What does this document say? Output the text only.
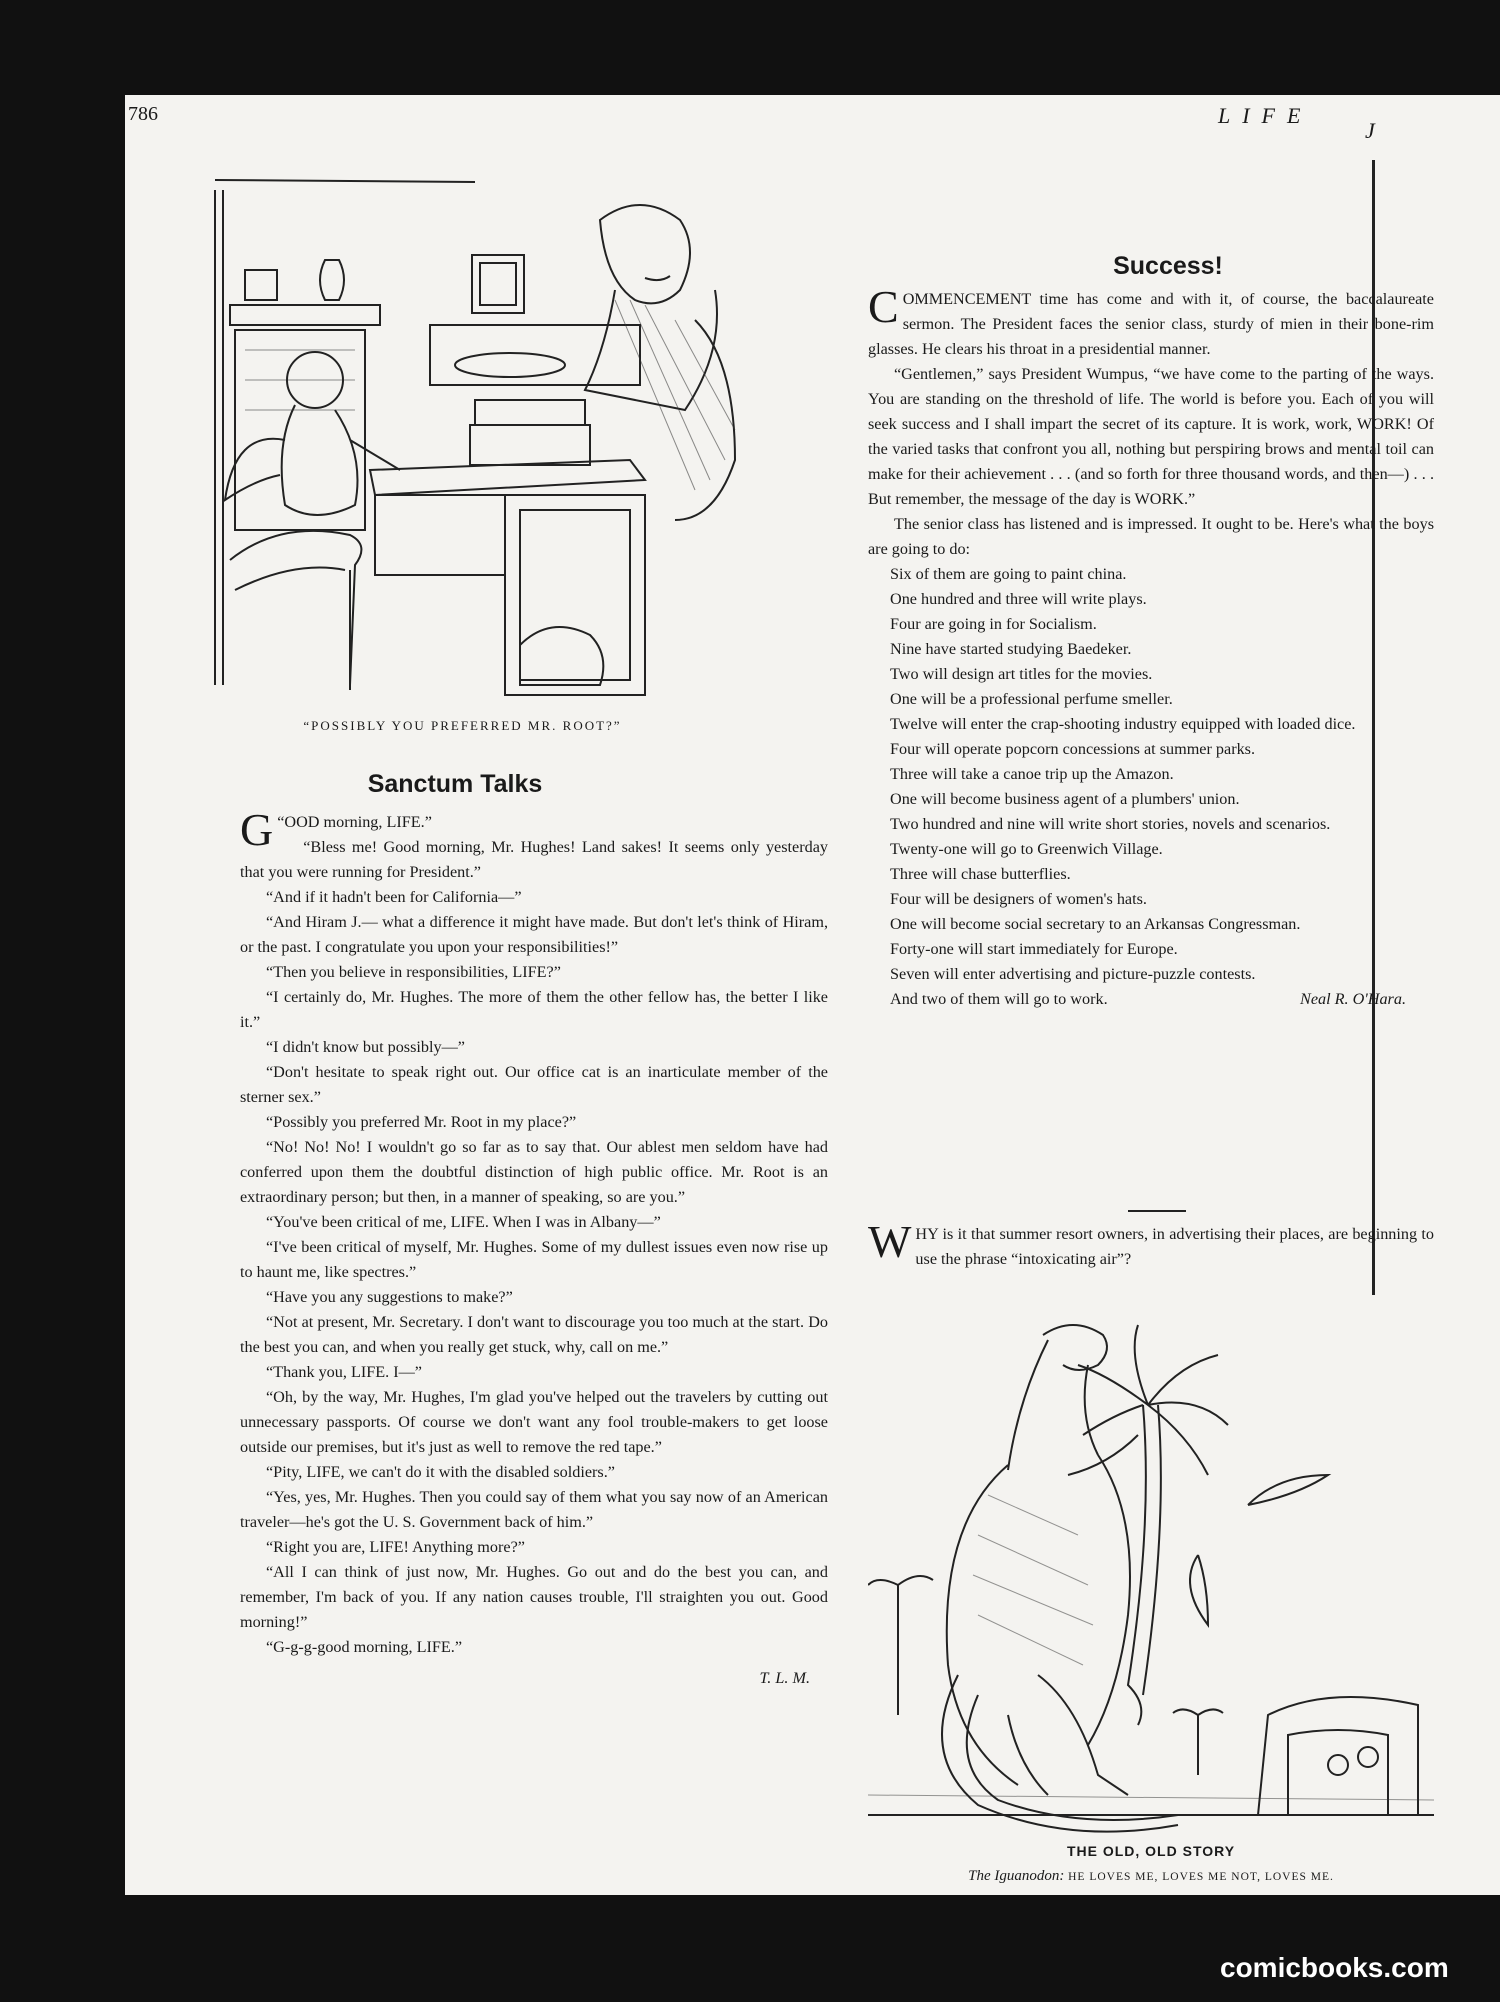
786	LIFE
J
“POSSIBLY YOU PREFERRED MR. ROOT?”
Sanctum Talks

“
G OOD morning, LIFE.”

“Bless me! Good morning, Mr. Hughes! Land sakes! It seems only yesterday that you were running for President.”

“And if it hadn't been for California—”

“And Hiram J.— what a difference it might have made. But don't let's think of Hiram, or the past. I congratulate you upon your responsibilities!”

“Then you believe in responsibilities, LIFE?”

“I certainly do, Mr. Hughes. The more of them the other fellow has, the better I like it.”

“I didn't know but possibly—”

“Don't hesitate to speak right out. Our office cat is an inarticulate member of the sterner sex.”

“Possibly you preferred Mr. Root in my place?”

“No! No! No! I wouldn't go so far as to say that. Our ablest men seldom have had conferred upon them the doubtful distinction of high public office. Mr. Root is an extraordinary person; but then, in a manner of speaking, so are you.”

“You've been critical of me, LIFE. When I was in Albany—”

“I've been critical of myself, Mr. Hughes. Some of my dullest issues even now rise up to haunt me, like spectres.”

“Have you any suggestions to make?”

“Not at present, Mr. Secretary. I don't want to discourage you too much at the start. Do the best you can, and when you really get stuck, why, call on me.”

“Thank you, LIFE. I—”

“Oh, by the way, Mr. Hughes, I'm glad you've helped out the travelers by cutting out unnecessary passports. Of course we don't want any fool trouble-makers to get loose outside our premises, but it's just as well to remove the red tape.”

“Pity, LIFE, we can't do it with the disabled soldiers.”

“Yes, yes, Mr. Hughes. Then you could say of them what you say now of an American traveler—he's got the U. S. Government back of him.”

“Right you are, LIFE! Anything more?”

“All I can think of just now, Mr. Hughes. Go out and do the best you can, and remember, I'm back of you. If any nation causes trouble, I'll straighten you out. Good morning!”

“G-g-g-good morning, LIFE.”

T. L. M.
Success!

COMMENCEMENT time has come and with it, of course, the baccalaureate sermon. The President faces the senior class, sturdy of mien in their bone-rim glasses. He clears his throat in a presidential manner.

“Gentlemen,” says President Wumpus, “we have come to the parting of the ways. You are standing on the threshold of life. The world is before you. Each of you will seek success and I shall impart the secret of its capture. It is work, work, WORK! Of the varied tasks that confront you all, nothing but perspiring brows and mental toil can make for their achievement . . . (and so forth for three thousand words, and then—) . . . But remember, the message of the day is WORK.”

The senior class has listened and is impressed. It ought to be. Here's what the boys are going to do:

Six of them are going to paint china.

One hundred and three will write plays.

Four are going in for Socialism.

Nine have started studying Baedeker.

Two will design art titles for the movies.

One will be a professional perfume smeller.

Twelve will enter the crap-shooting industry equipped with loaded dice.

Four will operate popcorn concessions at summer parks.

Three will take a canoe trip up the Amazon.

One will become business agent of a plumbers' union.

Two hundred and nine will write short stories, novels and scenarios.

Twenty-one will go to Greenwich Village.

Three will chase butterflies.

Four will be designers of women's hats.

One will become social secretary to an Arkansas Congressman.

Forty-one will start immediately for Europe.

Seven will enter advertising and picture-puzzle contests.

And two of them will go to work.	Neal R. O'Hara.

WHY is it that summer resort owners, in advertising their places, are beginning to use the phrase “intoxicating air”?

THE OLD, OLD STORY
The Iguanodon: HE LOVES ME, LOVES ME NOT, LOVES ME.
comicbooks.com
